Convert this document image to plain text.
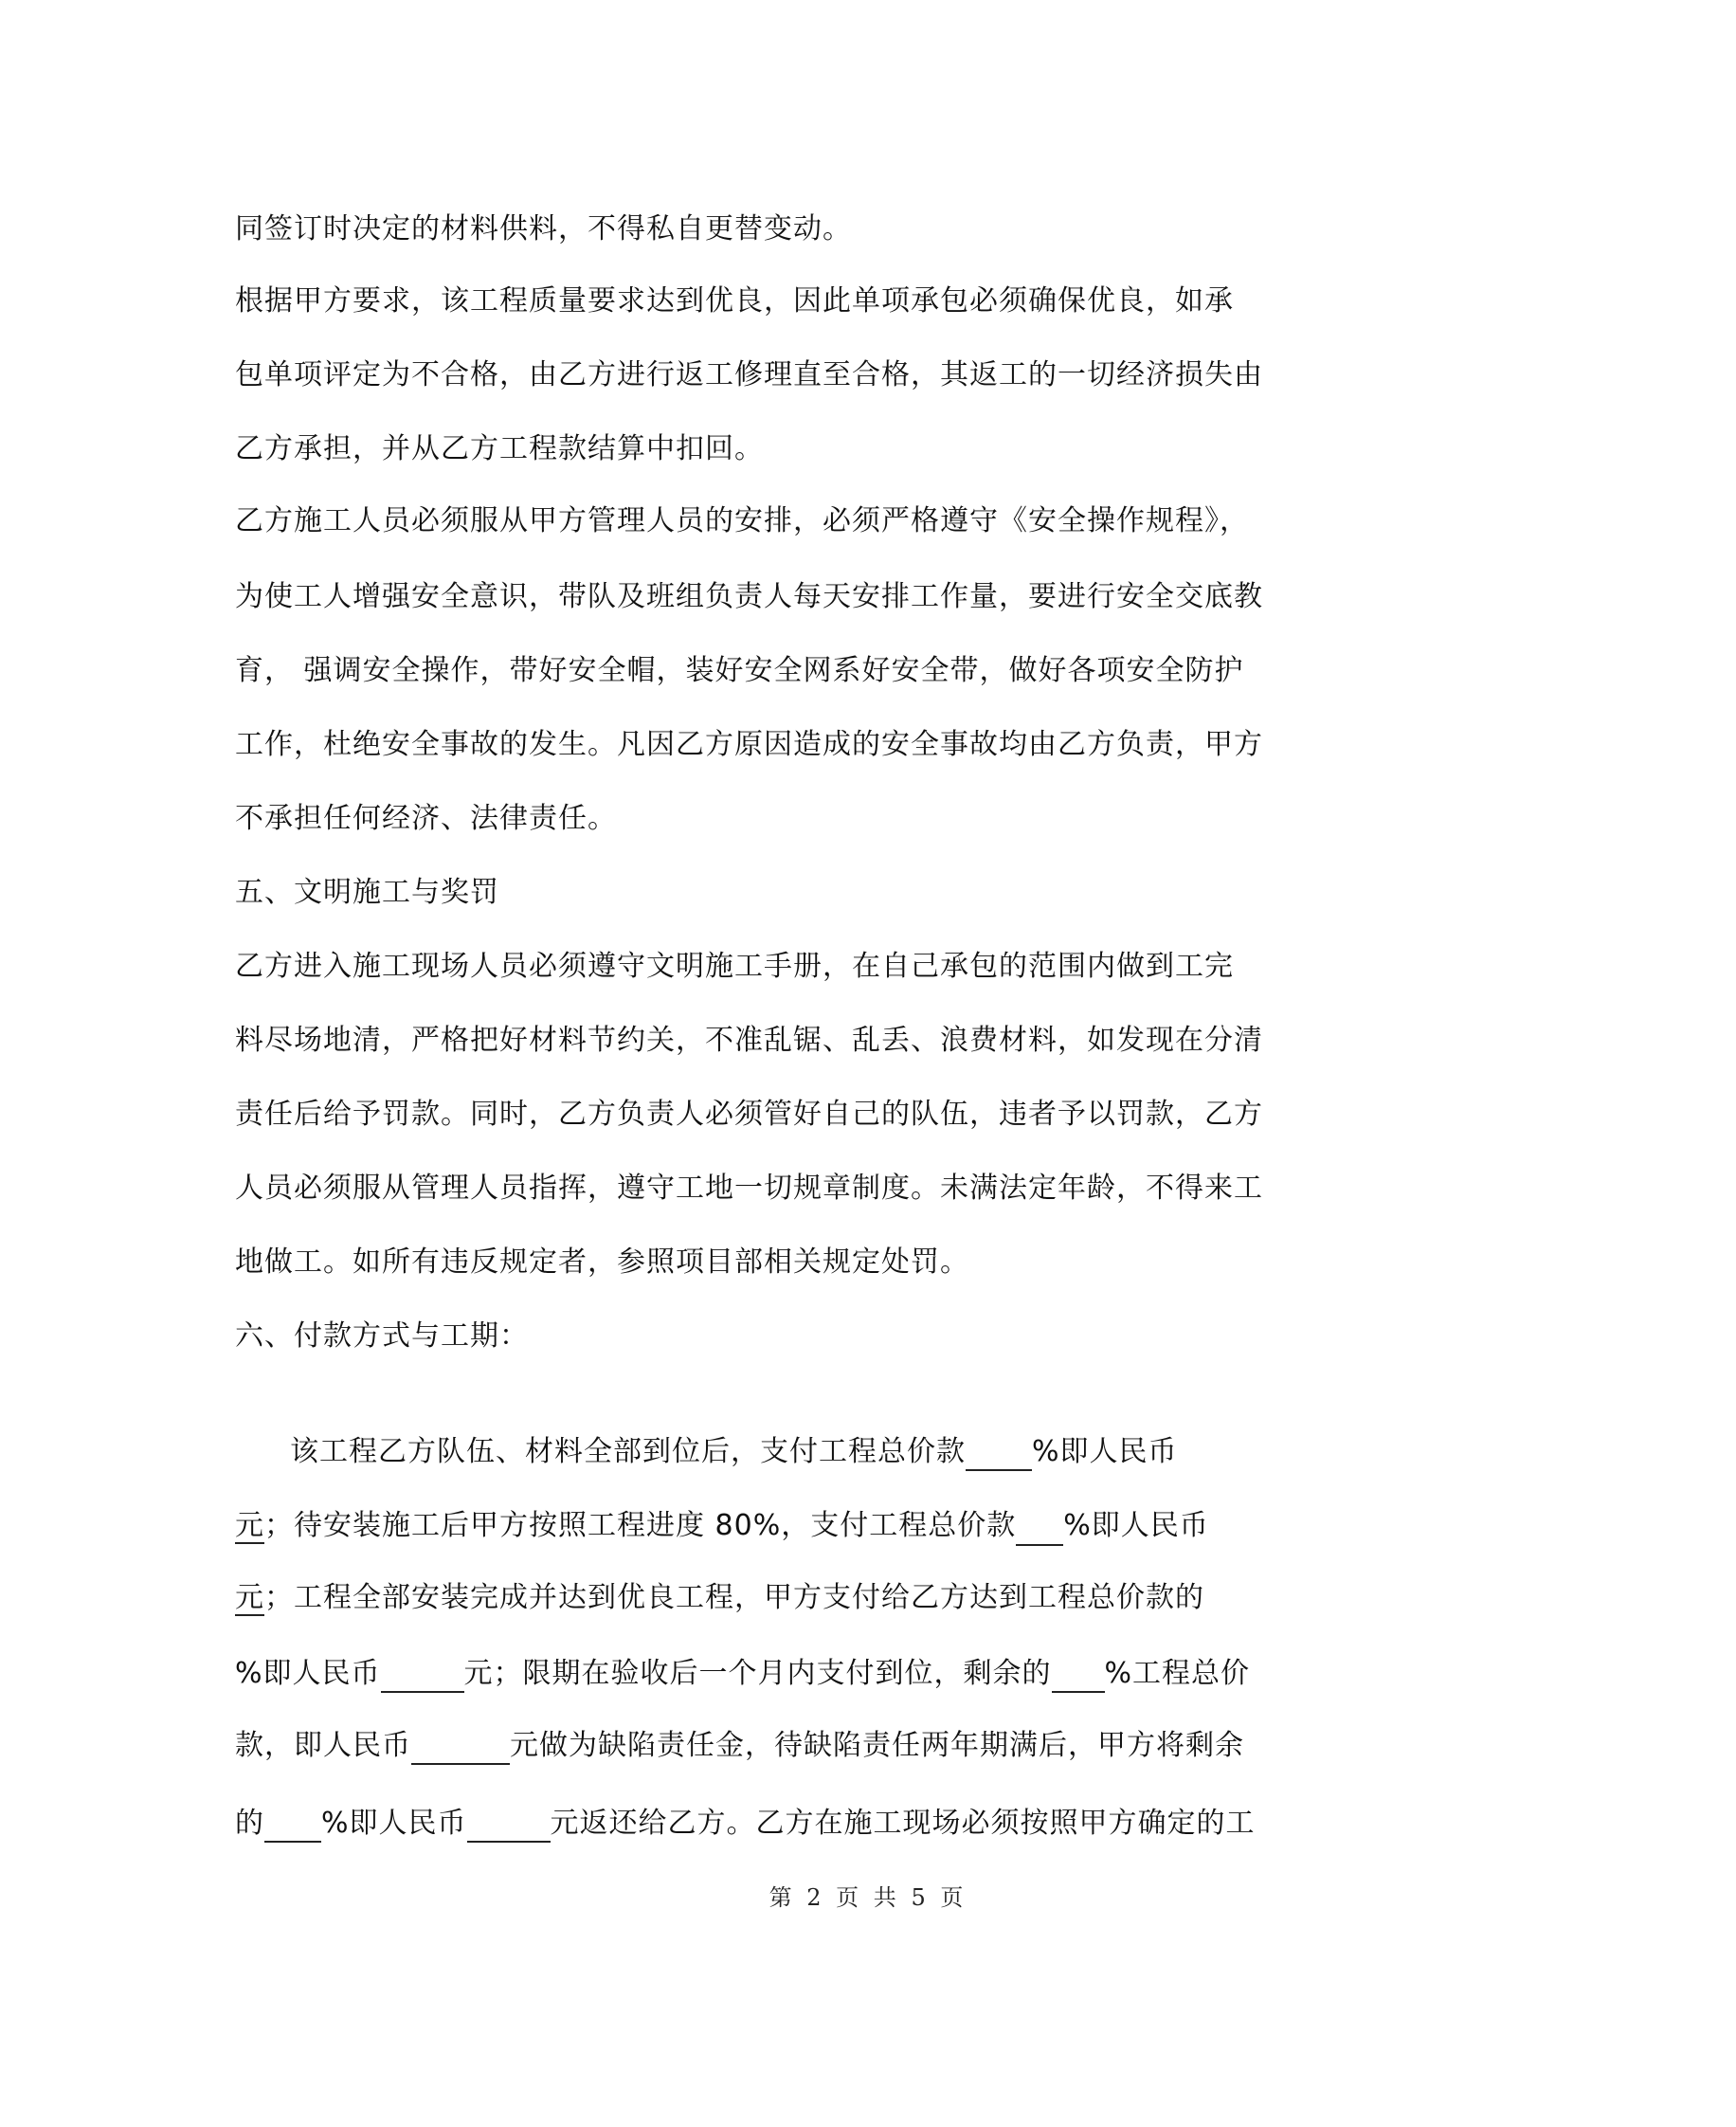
同签订时决定的材料供料，不得私自更替变动。
根据甲方要求，该工程质量要求达到优良，因此单项承包必须确保优良，如承
包单项评定为不合格，由乙方进行返工修理直至合格，其返工的一切经济损失由
乙方承担，并从乙方工程款结算中扣回。
乙方施工人员必须服从甲方管理人员的安排，必须严格遵守《安全操作规程》，
为使工人增强安全意识，带队及班组负责人每天安排工作量，要进行安全交底教
育， 强调安全操作，带好安全帽，装好安全网系好安全带，做好各项安全防护
工作，杜绝安全事故的发生。凡因乙方原因造成的安全事故均由乙方负责，甲方
不承担任何经济、法律责任。
五、文明施工与奖罚
乙方进入施工现场人员必须遵守文明施工手册，在自己承包的范围内做到工完
料尽场地清，严格把好材料节约关，不准乱锯、乱丢、浪费材料，如发现在分清
责任后给予罚款。同时，乙方负责人必须管好自己的队伍，违者予以罚款，乙方
人员必须服从管理人员指挥，遵守工地一切规章制度。未满法定年龄，不得来工
地做工。如所有违反规定者，参照项目部相关规定处罚。
六、付款方式与工期：
该工程乙方队伍、材料全部到位后，支付工程总价款 %即人民币
元；待安装施工后甲方按照工程进度 80%，支付工程总价款 %即人民币
元；工程全部安装完成并达到优良工程，甲方支付给乙方达到工程总价款的
%即人民币	元；限期在验收后一个月内支付到位，剩余的 %工程总价
款，即人民币	元做为缺陷责任金，待缺陷责任两年期满后，甲方将剩余
的 %即人民币	元返还给乙方。乙方在施工现场必须按照甲方确定的工
第 2 页 共 5 页
